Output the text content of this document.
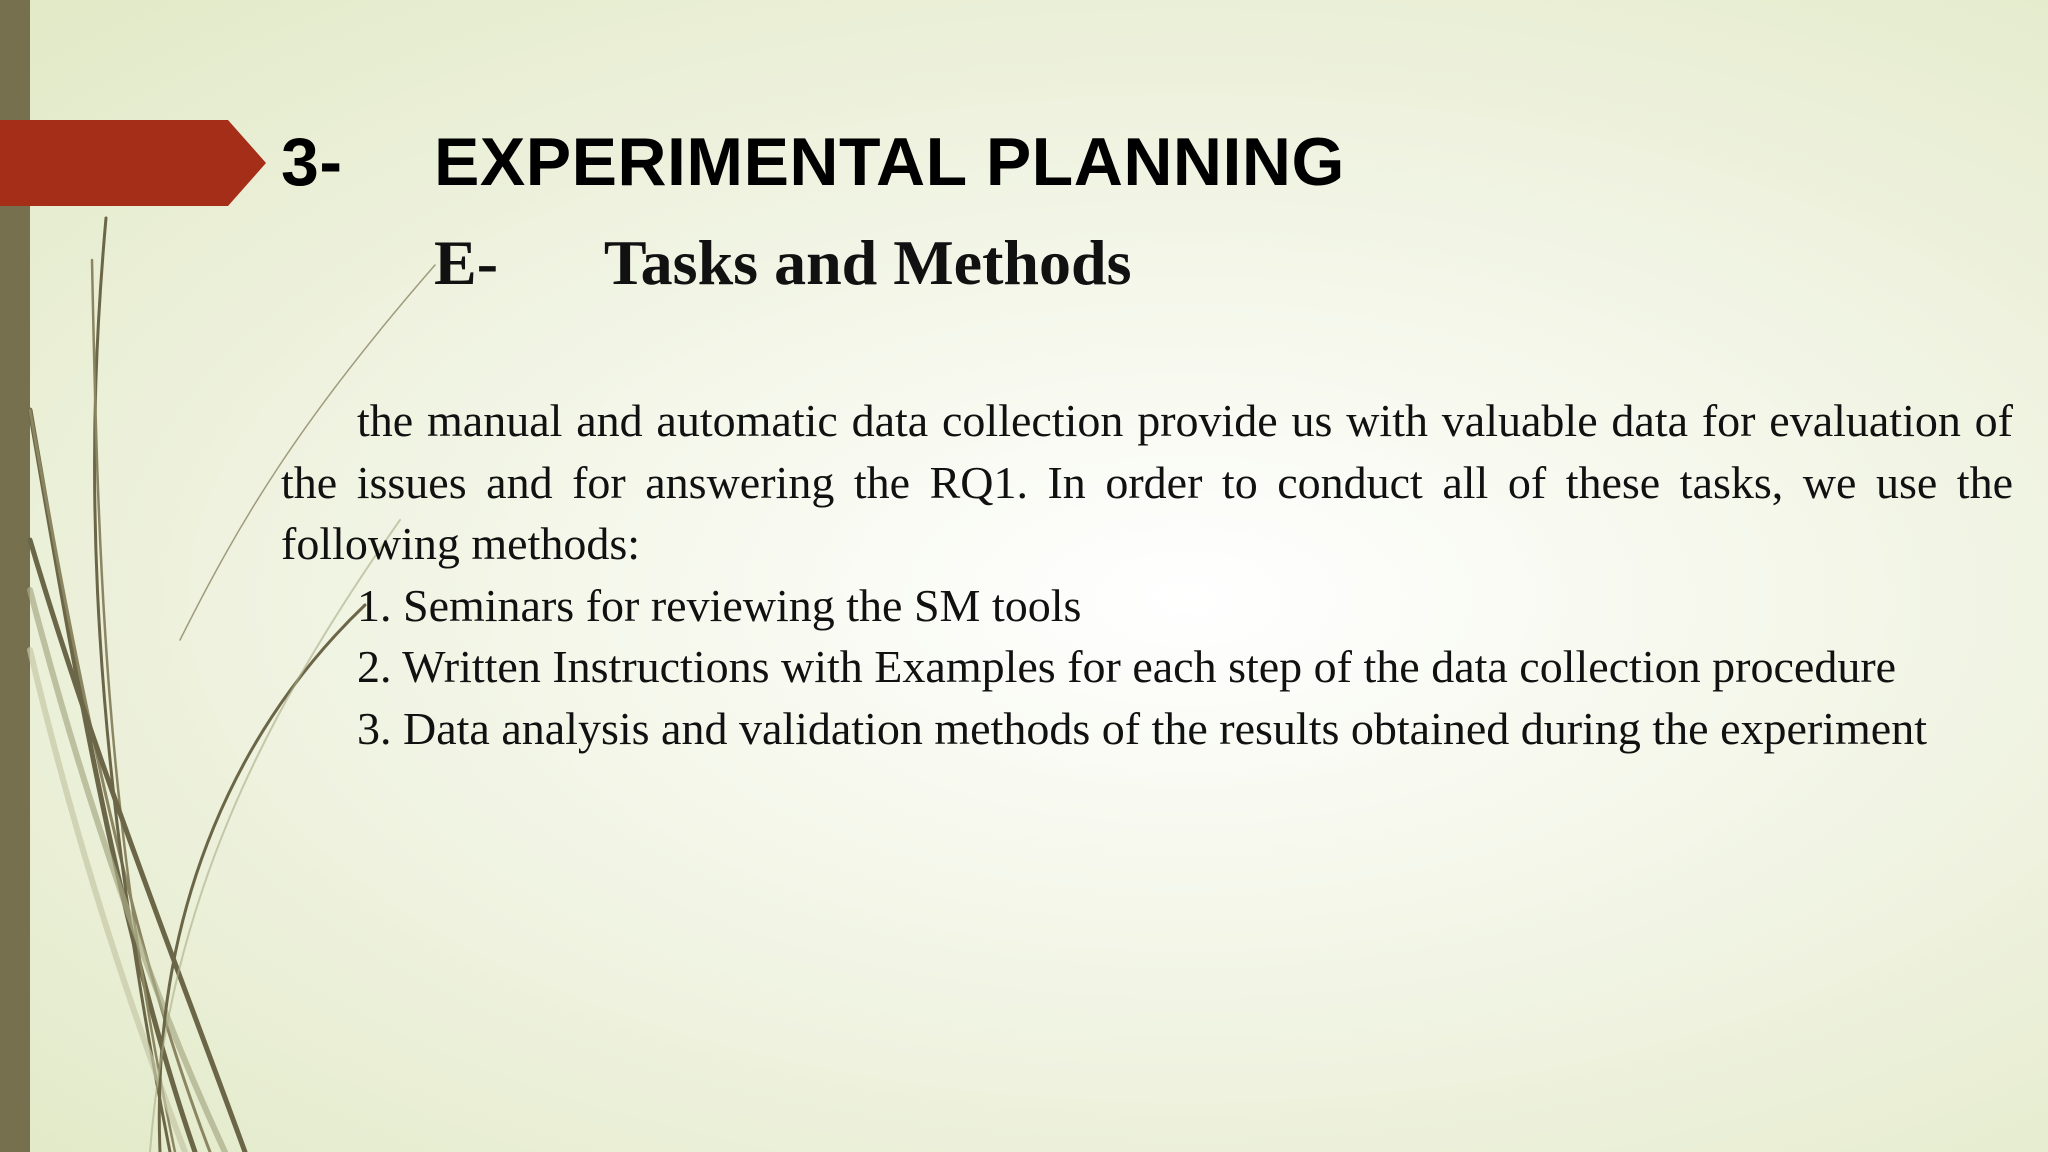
3-	EXPERIMENTAL PLANNING
E- Tasks and Methods

the manual and automatic data collection provide us with valuable data for evaluation of the issues and for answering the RQ1. In order to conduct all of these tasks, we use the following methods:

1. Seminars for reviewing the SM tools
2. Written Instructions with Examples for each step of the data collection procedure
3. Data analysis and validation methods of the results obtained during the experiment
